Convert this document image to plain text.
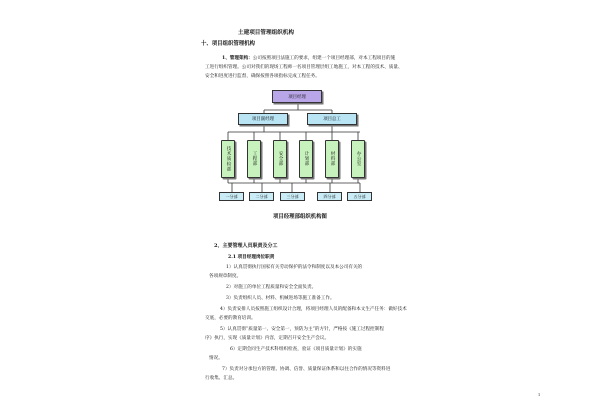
土建项目管理组织机构
十、项目组织管理机构
1、管理架构：公司按照项目法施工的要求，组建一个项目经理部，对本工程项目的施
工进行组织管理。公司对我们的现场工程师一名项目管理层组工地施工，对本工程的技术、质量、
安全和进度进行监督，确保按照各项指标完成工程任务。
项目经理
项目副经理	项目总工
技术质检部	工程部	安全部	计划部	材料部	办公室
一分部	二分部	三分部	四分部	五分部
项目经理部组织机构图
2、主要管理人员职责及分工
2.1 项目经理岗位职责
1）认真贯彻执行国家有关劳动保护的法令和制度以及本公司有关的
各项规章制度。
2）对施工的单位工程质量和安全全面负责。
3）负责组织人员、材料、机械进场等施工准备工作。
4）负责安排人员按照施工组织设计合理，将项目经理人员的配备和本文生产任务：做好技术
交底，必要的教育培训。
5）认真贯彻“质量第一、安全第一，预防为主”的方针，严格按《施工过程控制程
序》执行，实现《质量计划》内容，定期召开安全生产会议。
6）定期会同生产技术科组织检查，验证《项目质量计划》的实施
情况。
7）负责对分承包方的管理、协调、信誉、质量保证体系和以往合作的情况等资料进
行收集、汇总。
1
